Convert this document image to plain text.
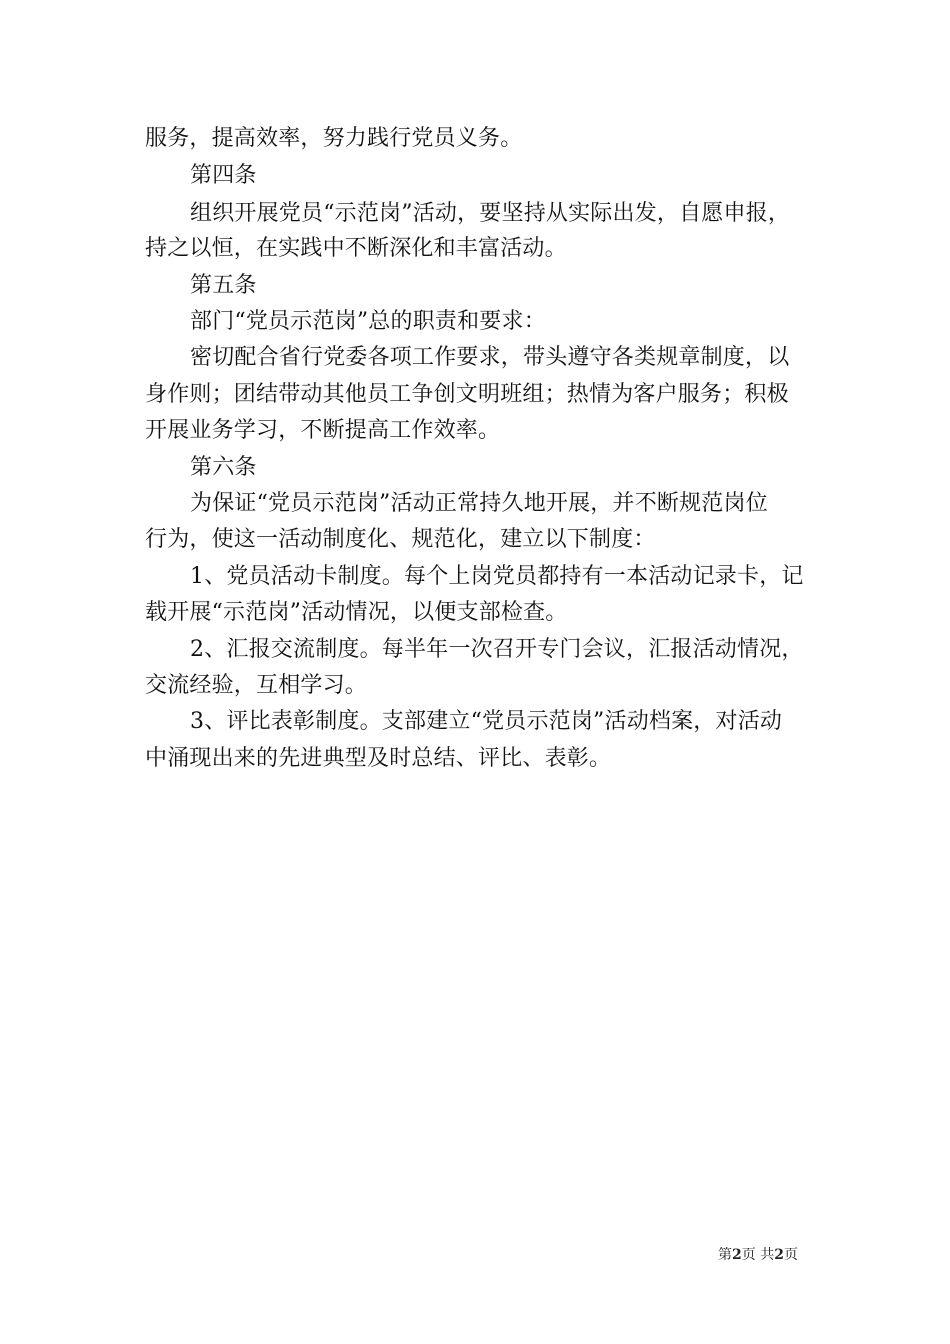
服务，提高效率，努力践行党员义务。
第四条
组织开展党员“示范岗”活动，要坚持从实际出发，自愿申报，
持之以恒，在实践中不断深化和丰富活动。
第五条
部门“党员示范岗”总的职责和要求：
密切配合省行党委各项工作要求，带头遵守各类规章制度，以
身作则；团结带动其他员工争创文明班组；热情为客户服务；积极
开展业务学习，不断提高工作效率。
第六条
为保证“党员示范岗”活动正常持久地开展，并不断规范岗位
行为，使这一活动制度化、规范化，建立以下制度：
1、党员活动卡制度。每个上岗党员都持有一本活动记录卡，记
载开展“示范岗”活动情况，以便支部检查。
2、汇报交流制度。每半年一次召开专门会议，汇报活动情况，
交流经验，互相学习。
3、评比表彰制度。支部建立“党员示范岗”活动档案，对活动
中涌现出来的先进典型及时总结、评比、表彰。
第2页 共2页
